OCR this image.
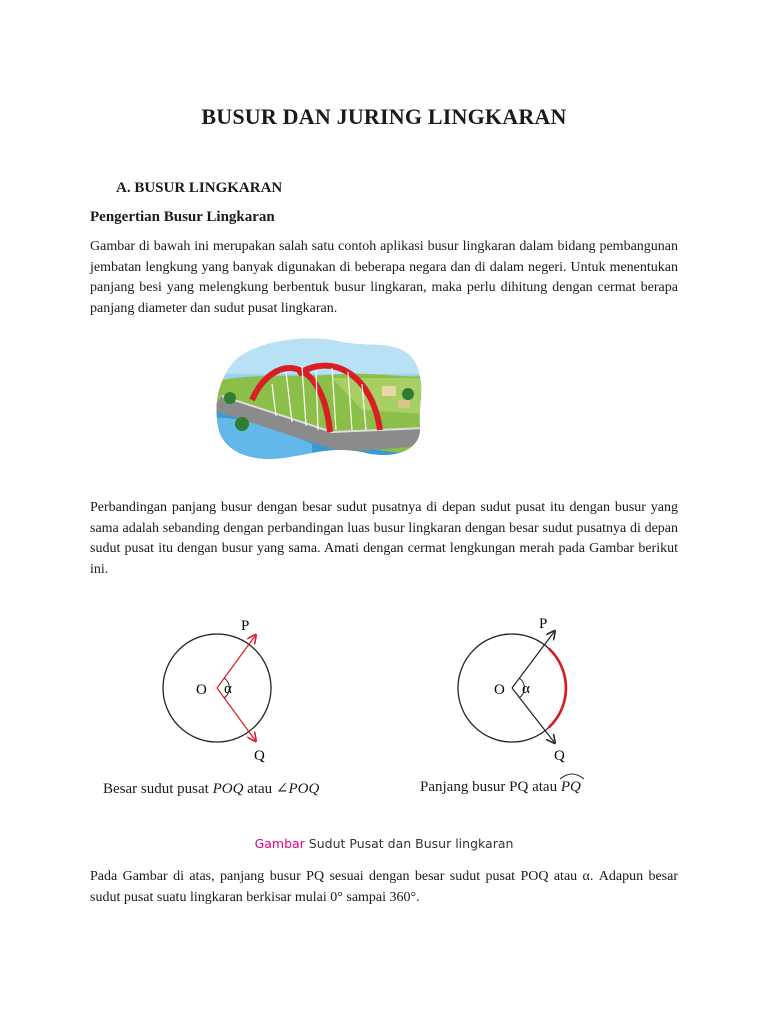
BUSUR DAN JURING LINGKARAN
A. BUSUR LINGKARAN
Pengertian Busur Lingkaran
Gambar di bawah ini merupakan salah satu contoh aplikasi busur lingkaran dalam bidang pembangunan jembatan lengkung yang banyak digunakan di beberapa negara dan di dalam negeri. Untuk menentukan panjang besi yang melengkung berbentuk busur lingkaran, maka perlu dihitung dengan cermat berapa panjang diameter dan sudut pusat lingkaran.
Perbandingan panjang busur dengan besar sudut pusatnya di depan sudut pusat itu dengan busur yang sama adalah sebanding dengan perbandingan luas busur lingkaran dengan besar sudut pusatnya di depan sudut pusat itu dengan busur yang sama. Amati dengan cermat lengkungan merah pada Gambar berikut ini.
O α
P
Q
O α
P
Q
Besar sudut pusat POQ atau ∠POQ	Panjang busur PQ atau
PQ
Gambar Sudut Pusat dan Busur lingkaran
Pada Gambar di atas, panjang busur PQ sesuai dengan besar sudut pusat POQ atau α. Adapun besar sudut pusat suatu lingkaran berkisar mulai 0° sampai 360°.
